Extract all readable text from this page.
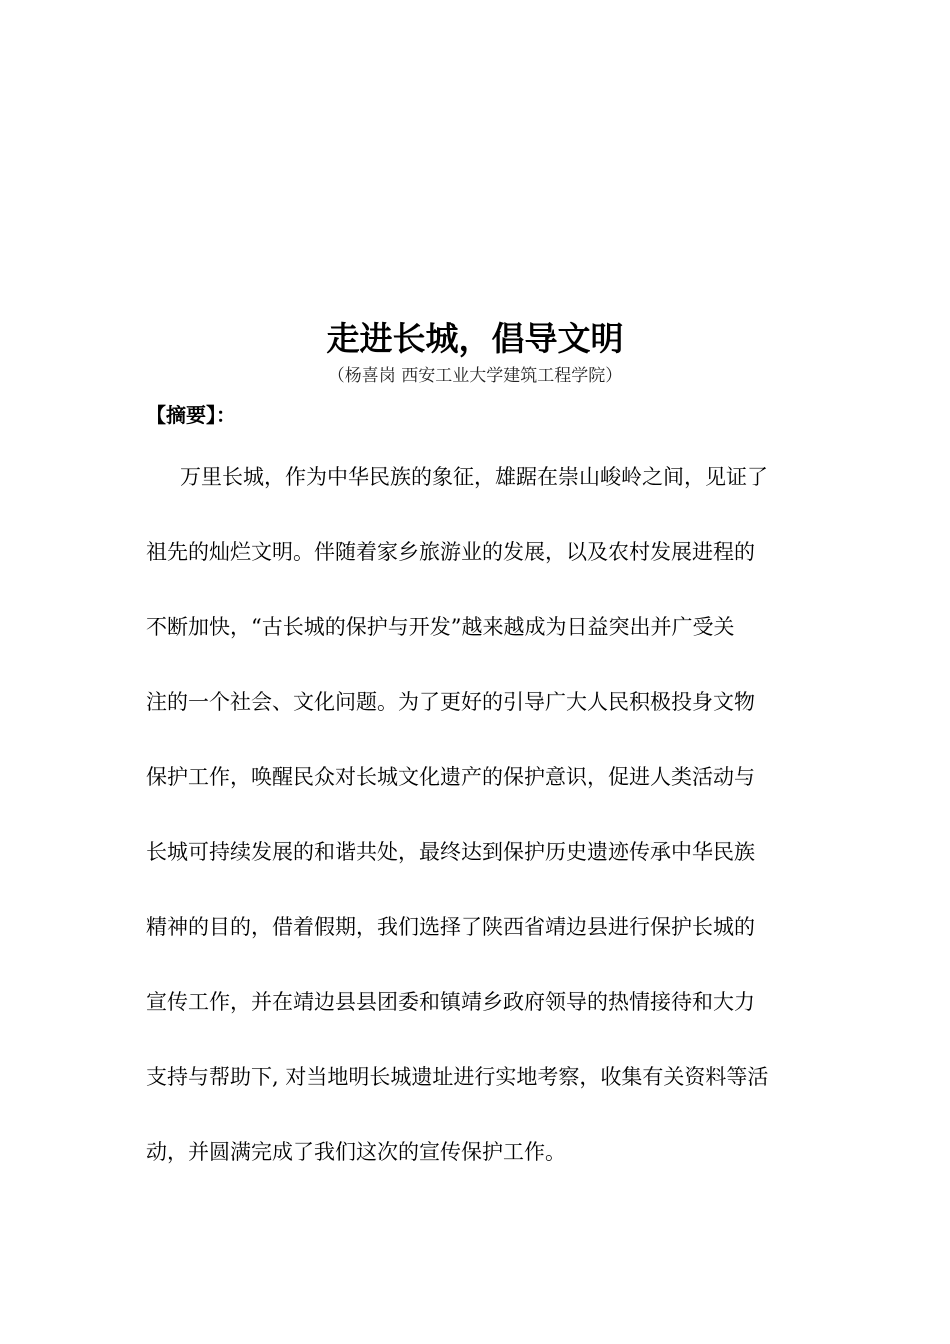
走进长城，倡导文明
（杨喜岗 西安工业大学建筑工程学院）
【摘要】：
万里长城，作为中华民族的象征，雄踞在崇山峻岭之间，见证了
祖先的灿烂文明。伴随着家乡旅游业的发展，以及农村发展进程的
不断加快，“古长城的保护与开发”越来越成为日益突出并广受关
注的一个社会、文化问题。为了更好的引导广大人民积极投身文物
保护工作，唤醒民众对长城文化遗产的保护意识，促进人类活动与
长城可持续发展的和谐共处，最终达到保护历史遗迹传承中华民族
精神的目的，借着假期，我们选择了陕西省靖边县进行保护长城的
宣传工作，并在靖边县县团委和镇靖乡政府领导的热情接待和大力
支持与帮助下, 对当地明长城遗址进行实地考察，收集有关资料等活
动，并圆满完成了我们这次的宣传保护工作。
